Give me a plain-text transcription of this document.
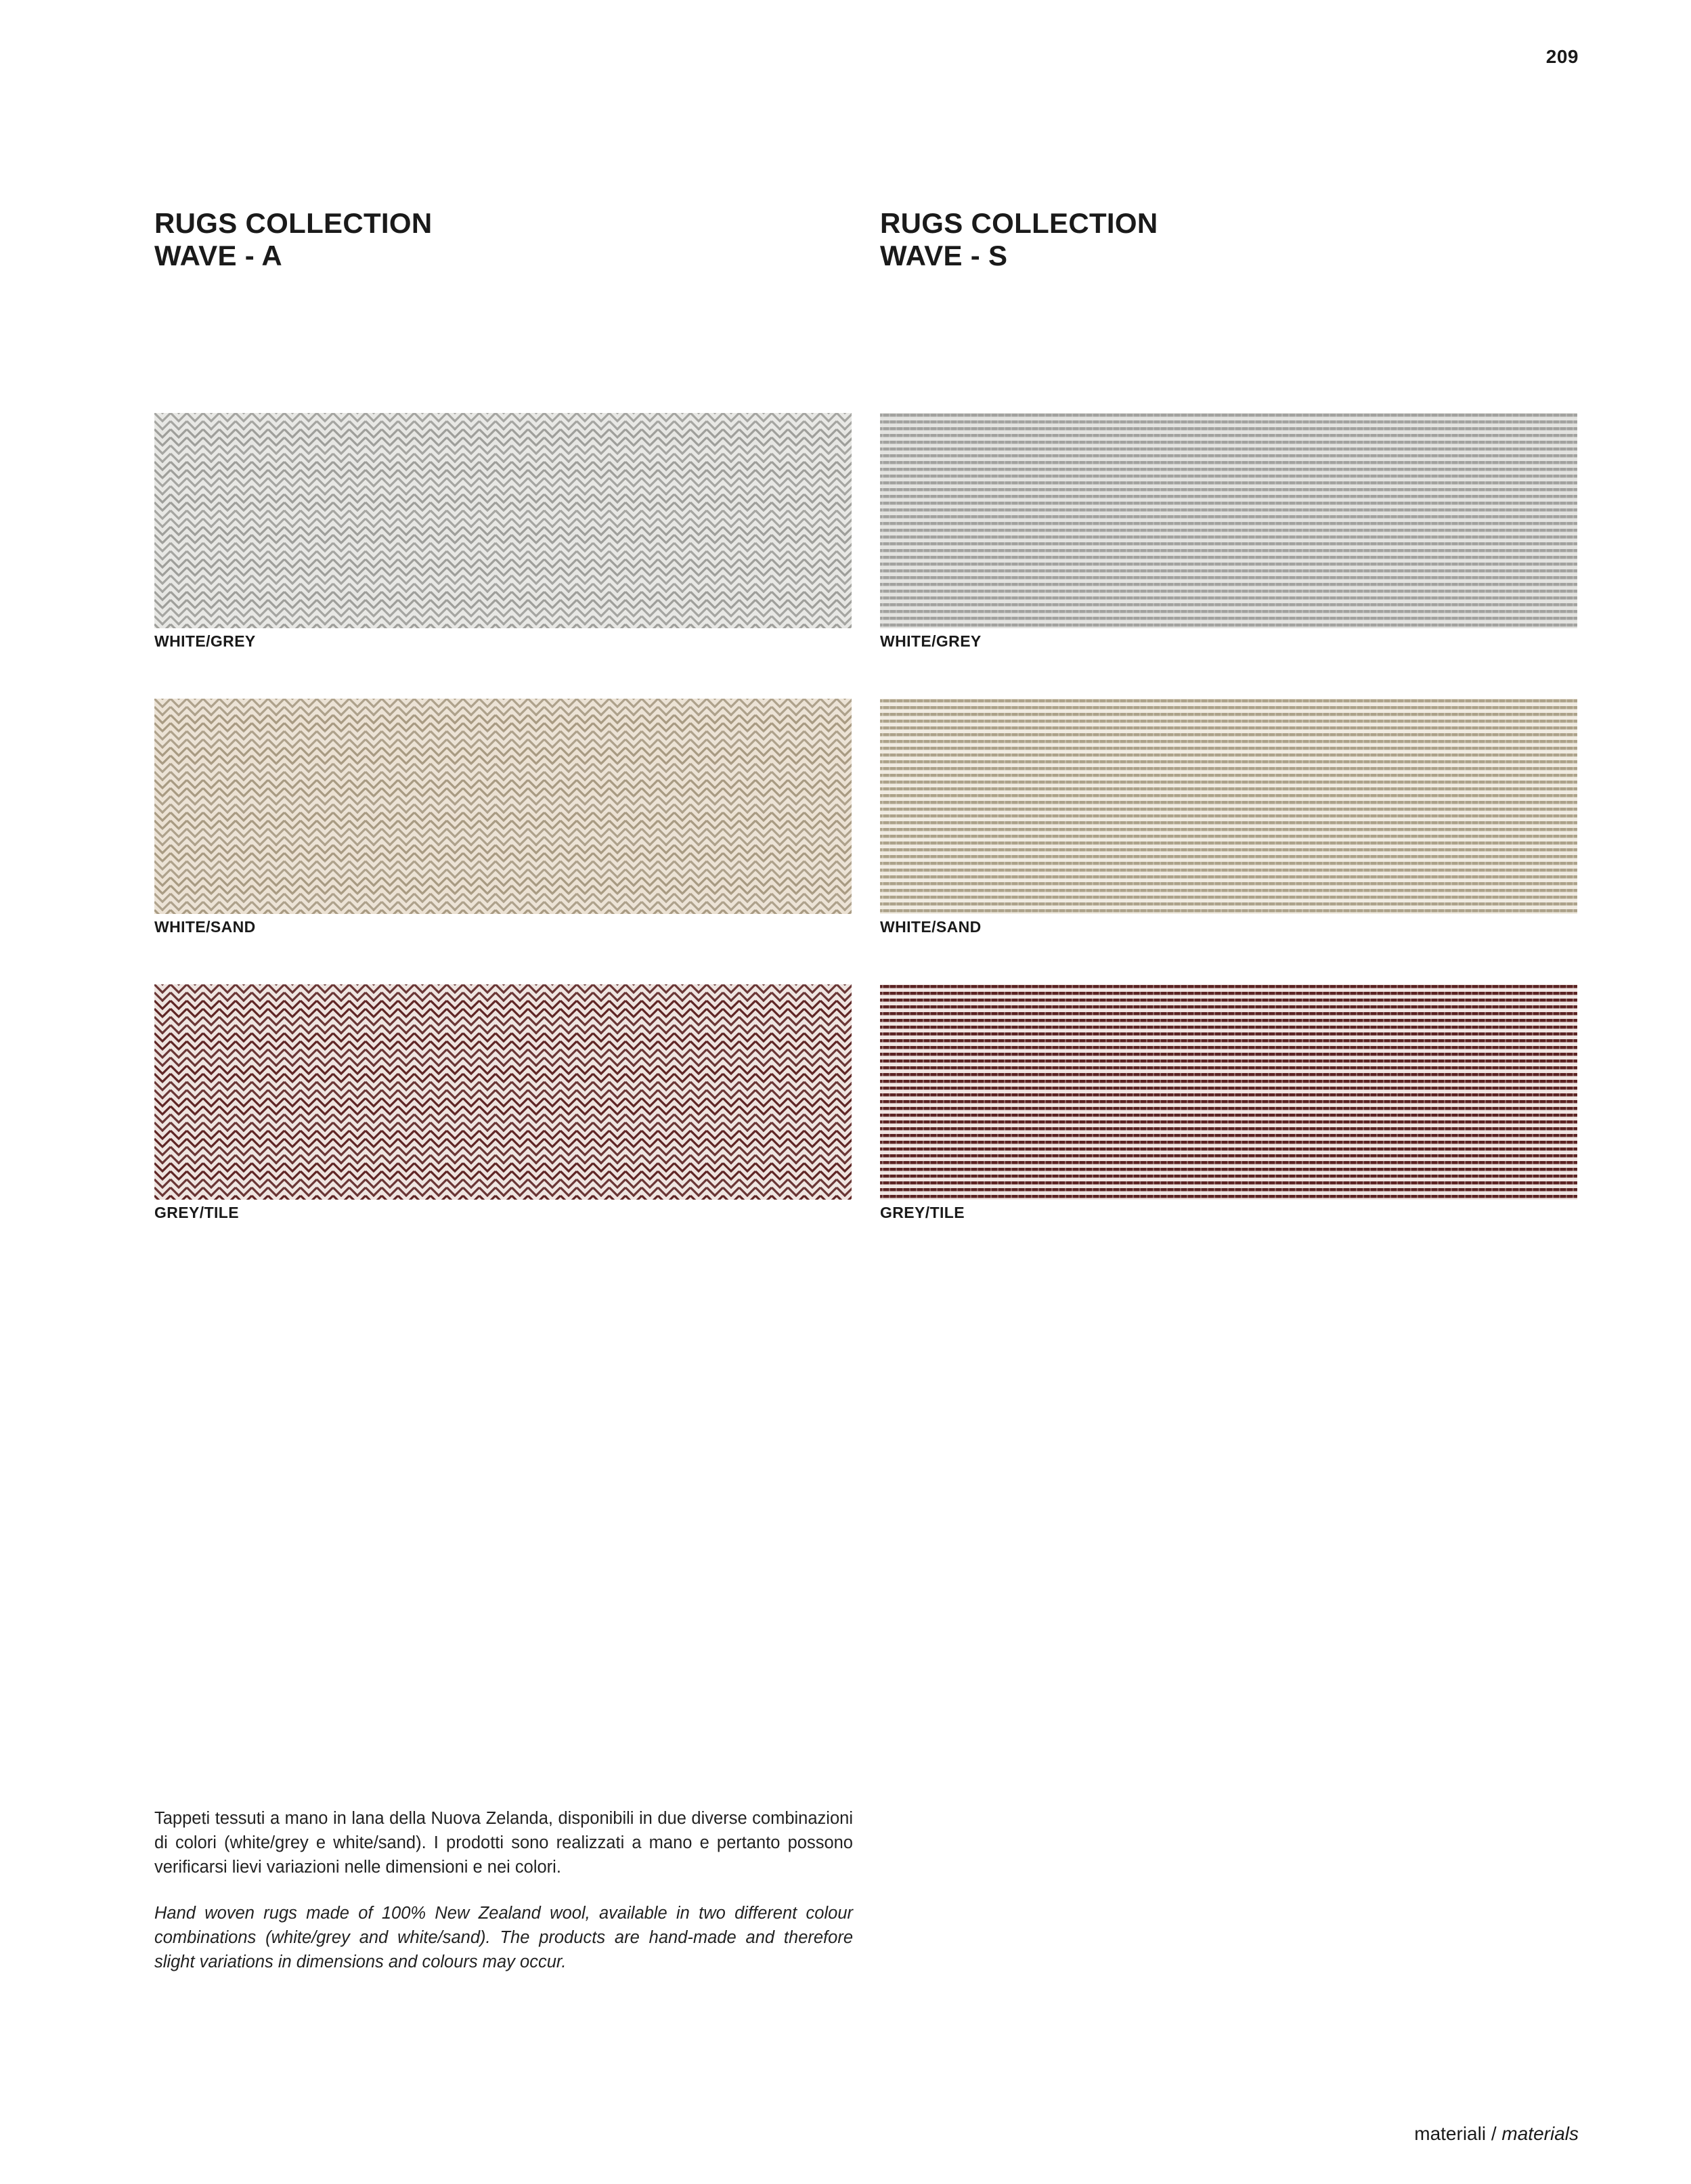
209
RUGS COLLECTION
WAVE - A
WHITE/GREY
WHITE/SAND
GREY/TILE
RUGS COLLECTION
WAVE - S
WHITE/GREY
WHITE/SAND
GREY/TILE

Tappeti tessuti a mano in lana della Nuova Zelanda, disponibili in due diverse combinazioni di colori (white/grey e white/sand). I prodotti sono realizzati a mano e pertanto possono verificarsi lievi variazioni nelle dimensioni e nei colori.

Hand woven rugs made of 100% New Zealand wool, available in two different colour combinations (white/grey and white/sand). The products are hand-made and therefore slight variations in dimensions and colours may occur.

materiali / materials
